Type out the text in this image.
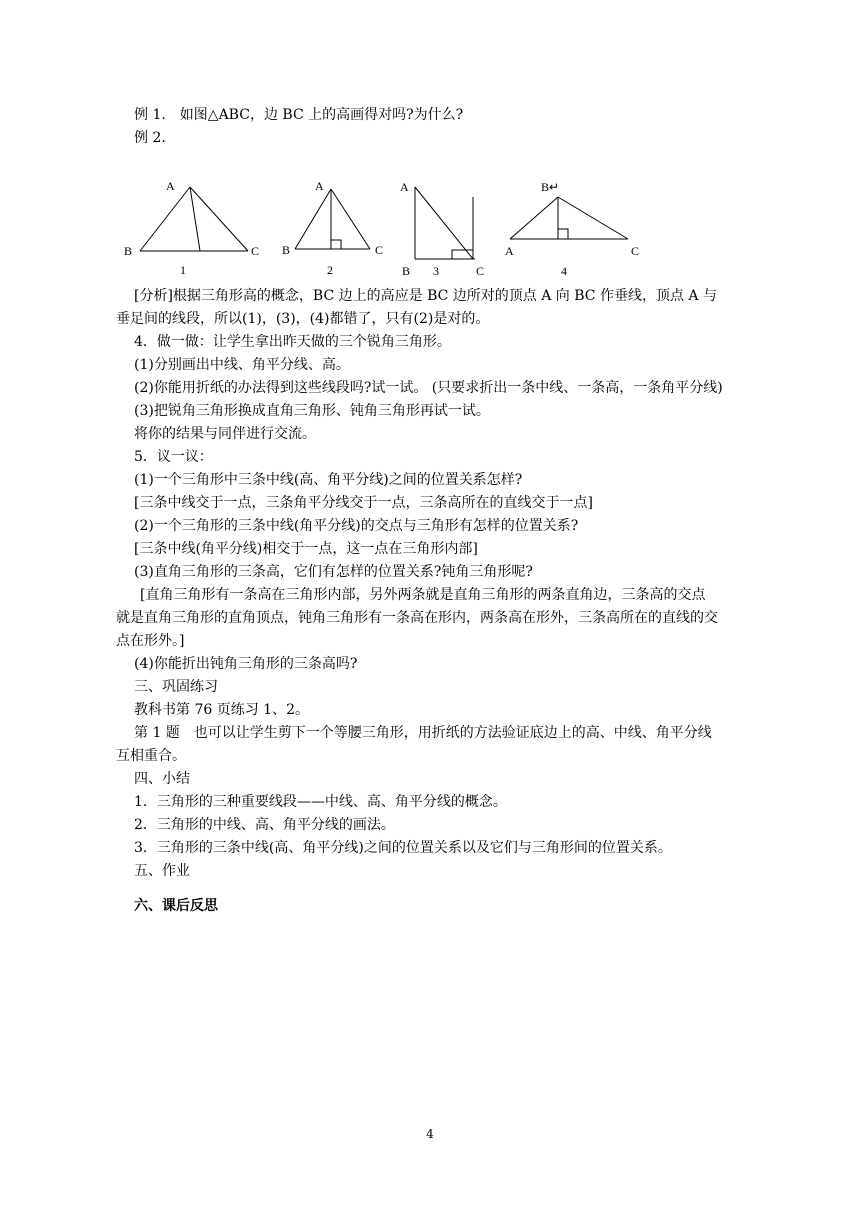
例 1.　如图△ABC，边 BC 上的高画得对吗?为什么?
例 2.
A
B	C
1
A
B	C
2
A
B 3	C
B↵
A	C
4
[分析]根据三角形高的概念，BC 边上的高应是 BC 边所对的顶点 A 向 BC 作垂线，顶点 A 与
垂足间的线段，所以(1)，(3)，(4)都错了，只有(2)是对的。
4．做一做：让学生拿出昨天做的三个锐角三角形。
(1)分别画出中线、角平分线、高。
(2)你能用折纸的办法得到这些线段吗?试一试。 (只要求折出一条中线、一条高，一条角平分线)
(3)把锐角三角形换成直角三角形、钝角三角形再试一试。
将你的结果与同伴进行交流。
5．议一议：
(1)一个三角形中三条中线(高、角平分线)之间的位置关系怎样?
[三条中线交于一点，三条角平分线交于一点，三条高所在的直线交于一点]
(2)一个三角形的三条中线(角平分线)的交点与三角形有怎样的位置关系?
[三条中线(角平分线)相交于一点，这一点在三角形内部]
(3)直角三角形的三条高，它们有怎样的位置关系?钝角三角形呢?
[直角三角形有一条高在三角形内部，另外两条就是直角三角形的两条直角边，三条高的交点
就是直角三角形的直角顶点，钝角三角形有一条高在形内，两条高在形外，三条高所在的直线的交
点在形外。]
(4)你能折出钝角三角形的三条高吗?
三、巩固练习
教科书第 76 页练习 1、2。
第 1 题　也可以让学生剪下一个等腰三角形，用折纸的方法验证底边上的高、中线、角平分线
互相重合。
四、小结
1．三角形的三种重要线段——中线、高、角平分线的概念。
2．三角形的中线、高、角平分线的画法。
3．三角形的三条中线(高、角平分线)之间的位置关系以及它们与三角形间的位置关系。
五、作业
六、课后反思
4
